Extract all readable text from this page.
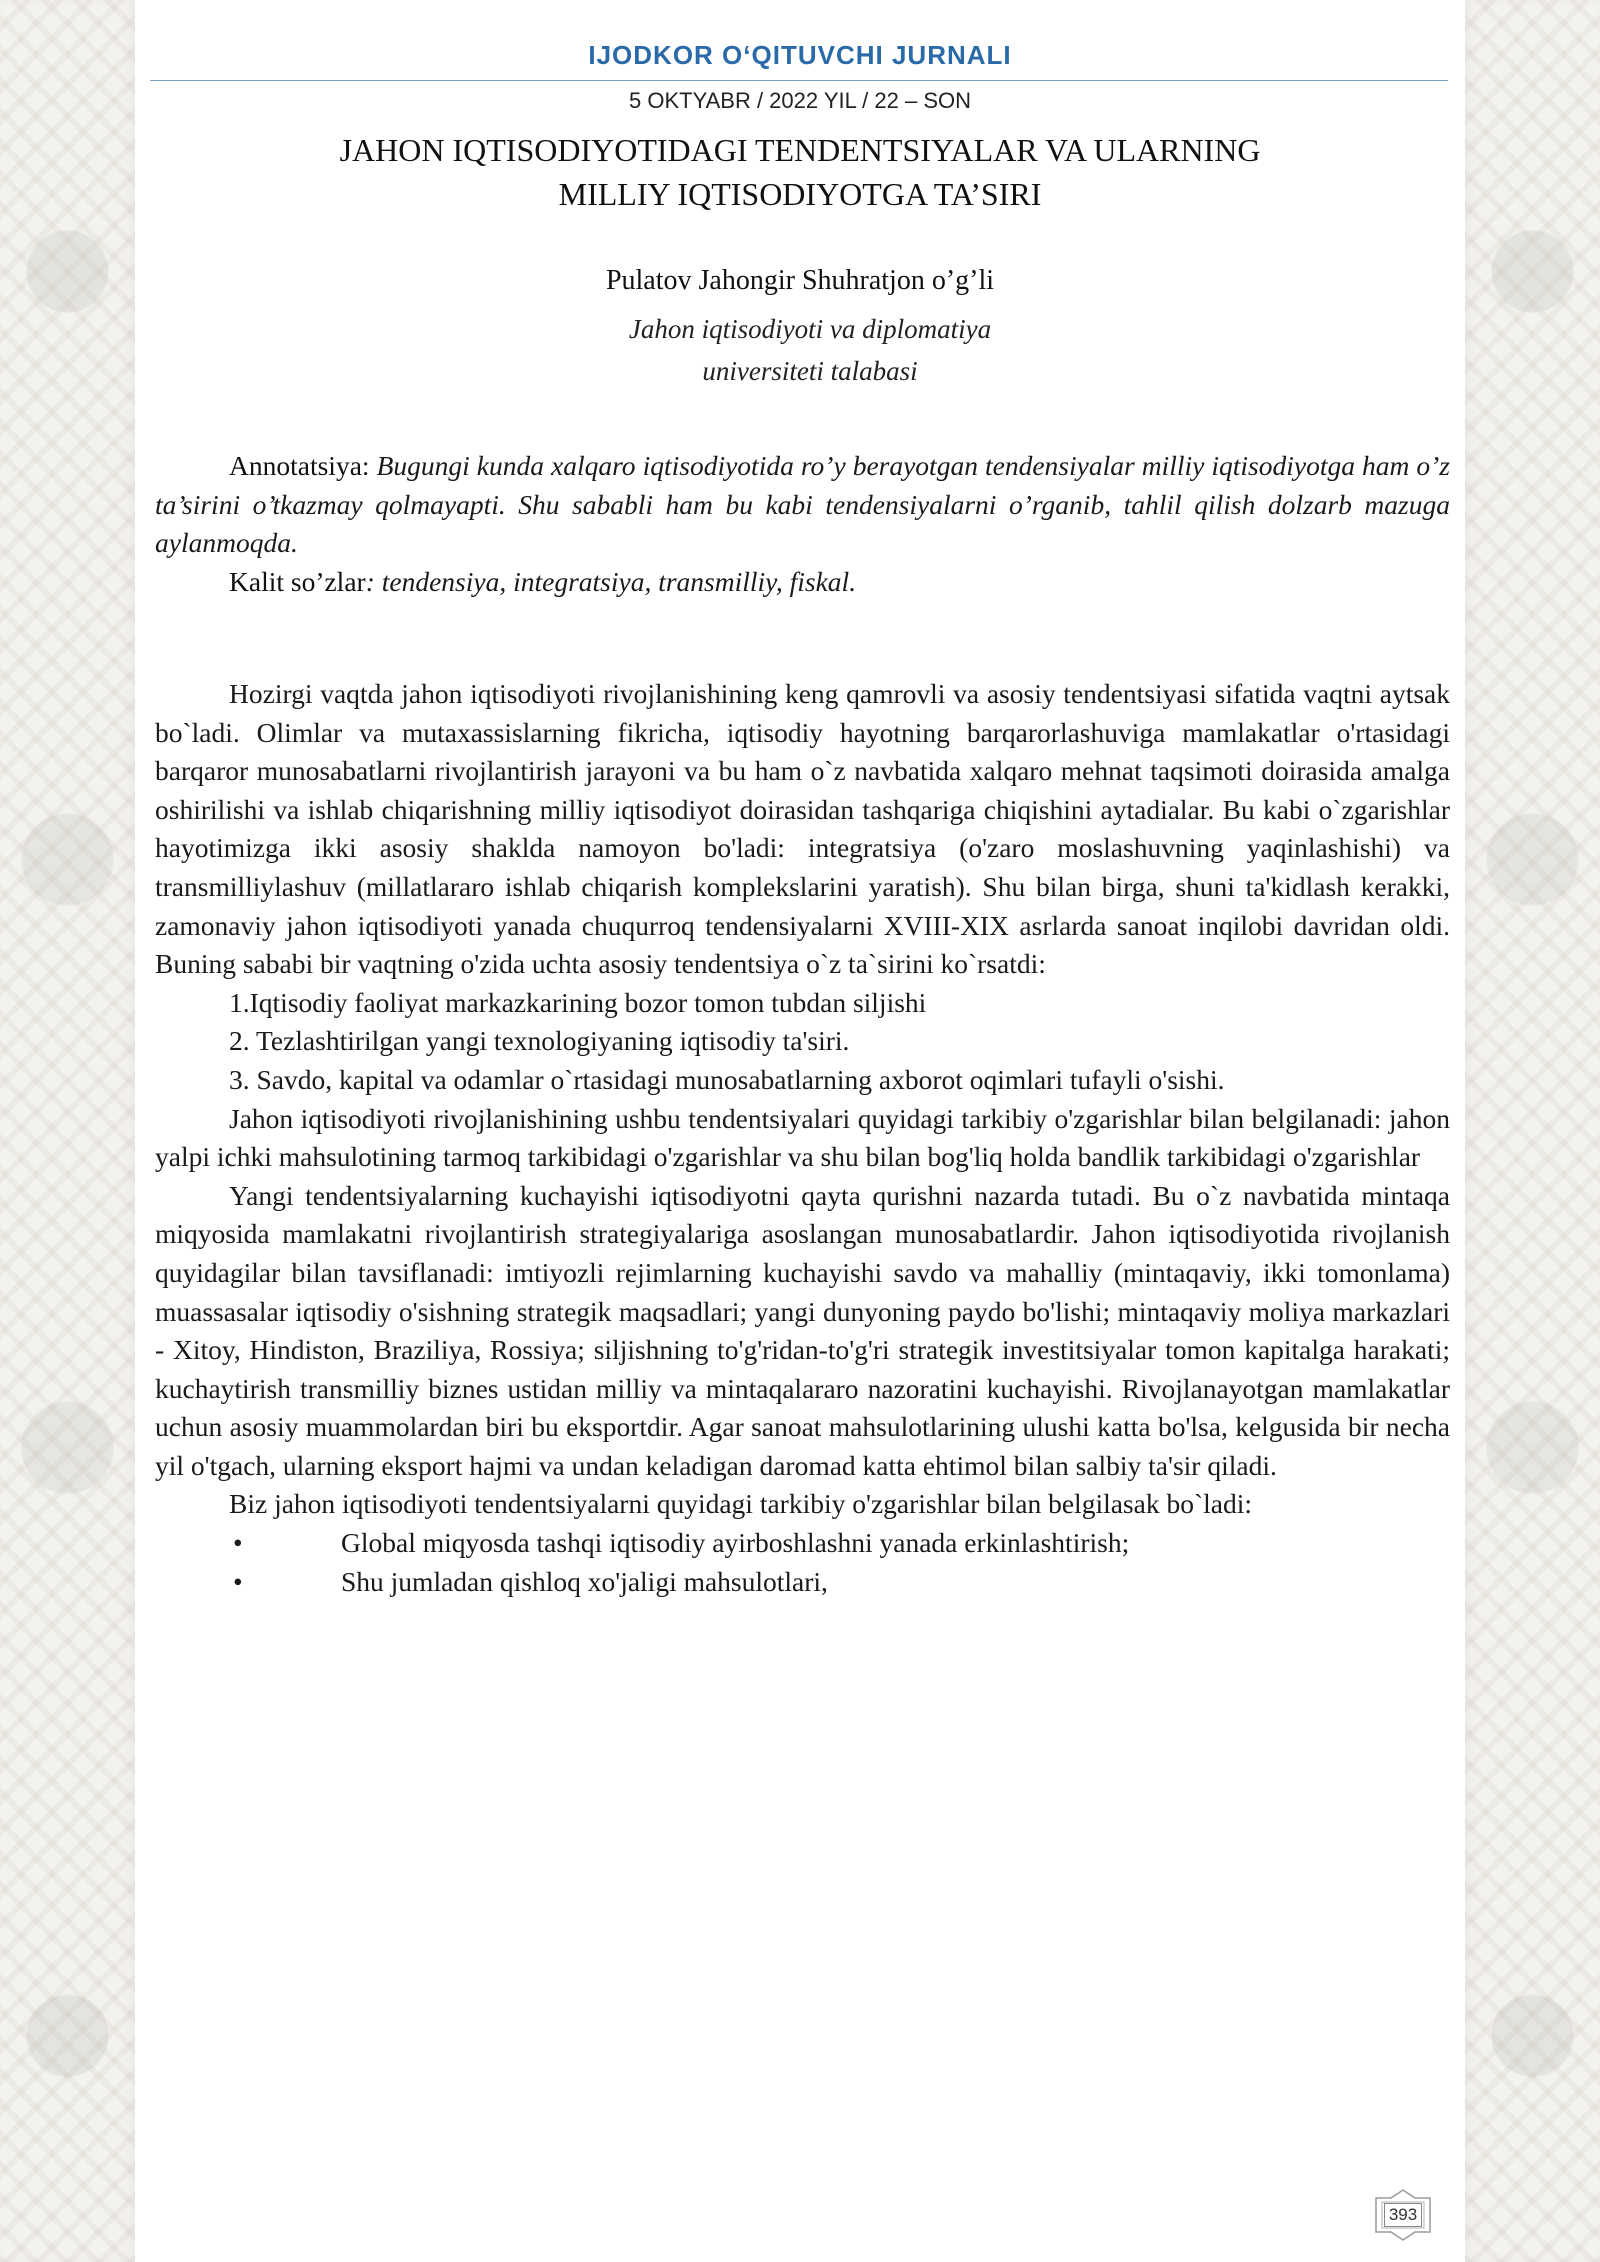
IJODKOR O‘QITUVCHI JURNALI
5 OKTYABR / 2022 YIL / 22 – SON
JAHON IQTISODIYOTIDAGI TENDENTSIYALAR VA ULARNING
MILLIY IQTISODIYOTGA TA’SIRI
Pulatov Jahongir Shuhratjon o’g’li
Jahon iqtisodiyoti va diplomatiya
universiteti talabasi

Annotatsiya: Bugungi kunda xalqaro iqtisodiyotida ro’y berayotgan tendensiyalar milliy iqtisodiyotga ham o’z ta’sirini o’tkazmay qolmayapti. Shu sababli ham bu kabi tendensiyalarni o’rganib, tahlil qilish dolzarb mazuga aylanmoqda.

Kalit so’zlar: tendensiya, integratsiya, transmilliy, fiskal.

Hozirgi vaqtda jahon iqtisodiyoti rivojlanishining keng qamrovli va asosiy tendentsiyasi sifatida vaqtni aytsak bo`ladi. Olimlar va mutaxassislarning fikricha, iqtisodiy hayotning barqarorlashuviga mamlakatlar o'rtasidagi barqaror munosabatlarni rivojlantirish jarayoni va bu ham o`z navbatida xalqaro mehnat taqsimoti doirasida amalga oshirilishi va ishlab chiqarishning milliy iqtisodiyot doirasidan tashqariga chiqishini aytadialar. Bu kabi o`zgarishlar hayotimizga ikki asosiy shaklda namoyon bo'ladi: integratsiya (o'zaro moslashuvning yaqinlashishi) va transmilliylashuv (millatlararo ishlab chiqarish komplekslarini yaratish). Shu bilan birga, shuni ta'kidlash kerakki, zamonaviy jahon iqtisodiyoti yanada chuqurroq tendensiyalarni XVIII-XIX asrlarda sanoat inqilobi davridan oldi. Buning sababi bir vaqtning o'zida uchta asosiy tendentsiya o`z ta`sirini ko`rsatdi:

1.Iqtisodiy faoliyat markazkarining bozor tomon tubdan siljishi

2. Tezlashtirilgan yangi texnologiyaning iqtisodiy ta'siri.

3. Savdo, kapital va odamlar o`rtasidagi munosabatlarning axborot oqimlari tufayli o'sishi.

Jahon iqtisodiyoti rivojlanishining ushbu tendentsiyalari quyidagi tarkibiy o'zgarishlar bilan belgilanadi: jahon yalpi ichki mahsulotining tarmoq tarkibidagi o'zgarishlar va shu bilan bog'liq holda bandlik tarkibidagi o'zgarishlar

Yangi tendentsiyalarning kuchayishi iqtisodiyotni qayta qurishni nazarda tutadi. Bu o`z navbatida mintaqa miqyosida mamlakatni rivojlantirish strategiyalariga asoslangan munosabatlardir. Jahon iqtisodiyotida rivojlanish quyidagilar bilan tavsiflanadi: imtiyozli rejimlarning kuchayishi savdo va mahalliy (mintaqaviy, ikki tomonlama) muassasalar iqtisodiy o'sishning strategik maqsadlari; yangi dunyoning paydo bo'lishi; mintaqaviy moliya markazlari - Xitoy, Hindiston, Braziliya, Rossiya; siljishning to'g'ridan-to'g'ri strategik investitsiyalar tomon kapitalga harakati; kuchaytirish transmilliy biznes ustidan milliy va mintaqalararo nazoratini kuchayishi. Rivojlanayotgan mamlakatlar uchun asosiy muammolardan biri bu eksportdir. Agar sanoat mahsulotlarining ulushi katta bo'lsa, kelgusida bir necha yil o'tgach, ularning eksport hajmi va undan keladigan daromad katta ehtimol bilan salbiy ta'sir qiladi.

Biz jahon iqtisodiyoti tendentsiyalarni quyidagi tarkibiy o'zgarishlar bilan belgilasak bo`ladi:

•	Global miqyosda tashqi iqtisodiy ayirboshlashni yanada erkinlashtirish;
•	Shu jumladan qishloq xo'jaligi mahsulotlari,
393
